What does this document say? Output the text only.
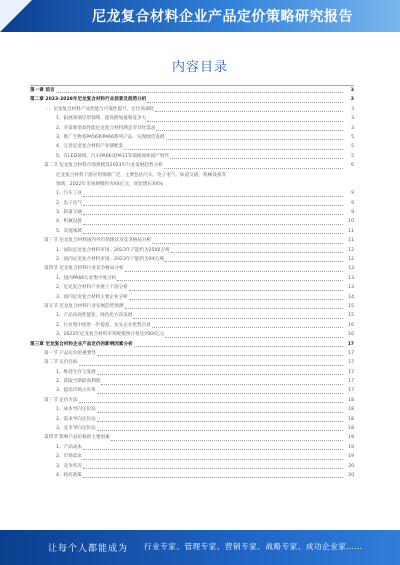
尼龙复合材料企业产品定价策略研究报告
内容目录
第一章 前言	3
第二章 2023-2028年尼龙复合材料行业前景及趋势分析	3
一、尼龙复合材料产品性能与可靠性提升，定位高端化	3
1、拓展高端应用领域，提高附加值和竞争力	3
2、开发新型高性能尼龙复合材料满足差异化需求	3
3、推广生物基PA56和PA66系列产品，实现绿色发展	5
4、完善尼龙复合材料产业链配套	5
5、在LED领域、汽车PA66及PA11等领域加快国产替代	5
第二节 尼龙复合材料市场规模及2023年行业发展趋势分析	6
尼龙复合材料下游应用领域广泛，主要包括汽车、电子电气、轨道交通、机械设备等
领域，2022年市场规模约为XX亿元，同比增长XX%
1、汽车工业	9
2、电子电气	9
3、轨道交通	9
4、机械设备	10
5、其他领域	11
第三节 尼龙复合材料国内外市场现状及竞争格局分析	11
1、国际尼龙复合材料市场，2023年产能约为2500万吨	12
2、国内尼龙复合材料市场，2023年产能约为XX万吨	12
第四节 尼龙复合材料行业竞争格局分析	13
1、国内PA66行业集中度分析	13
2、尼龙复合材料产业链上下游分析	13
3、国内尼龙复合材料主要企业分析	14
第五节 尼龙复合材料行业发展趋势预测	15
1、产品向高性能化、绿色化方向发展	15
2、行业集中度进一步提高，龙头企业优势凸显	16
3、2023年尼龙复合材料市场规模预计将达到XX亿元	16
第三章 尼龙复合材料企业产品定价的影响因素分析	17
第一节 产品定价的重要性	17
第二节 定价目标	17
1、维持生存与发展	17
2、获取当期最高利润	17
3、提高市场占有率	17
第三节 定价方法	18
1、成本导向定价法	18
2、需求导向定价法	18
3、竞争导向定价法	18
第四节 影响产品价格的主要因素	19
1、产品成本	19
2、市场需求	19
3、竞争状况	20
4、政府政策	20
让每个人都能成为 行业专家、管理专家、营销专家、战略专家、成功企业家……
